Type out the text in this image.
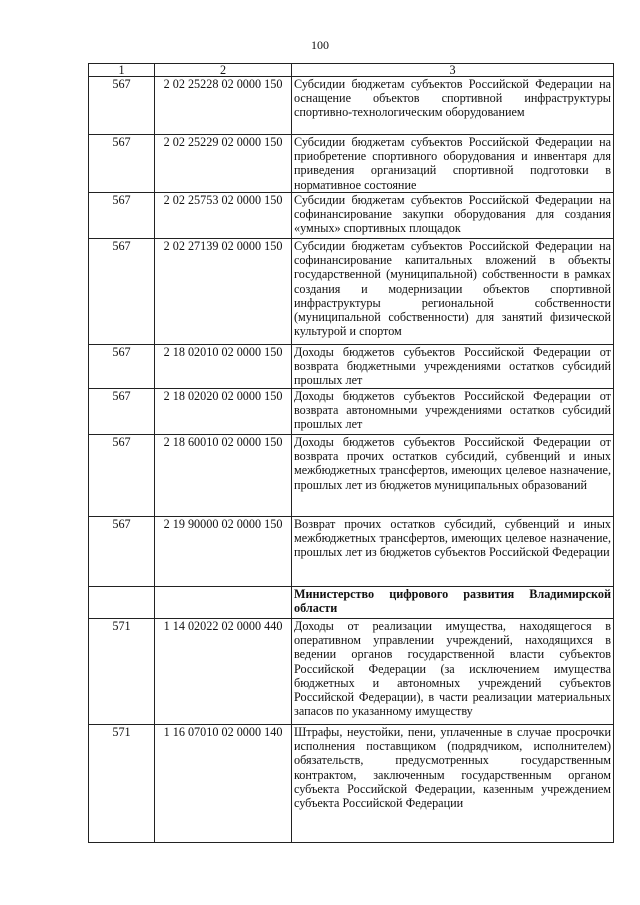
100
1	2	3
567	2 02 25228 02 0000 150	Субсидии бюджетам субъектов Российской Федерации на оснащение объектов спортивной инфраструктуры спортивно-технологическим оборудованием
567	2 02 25229 02 0000 150	Субсидии бюджетам субъектов Российской Федерации на приобретение спортивного оборудования и инвентаря для приведения организаций спортивной подготовки в нормативное состояние
567	2 02 25753 02 0000 150	Субсидии бюджетам субъектов Российской Федерации на софинансирование закупки оборудования для создания «умных» спортивных площадок
567	2 02 27139 02 0000 150	Субсидии бюджетам субъектов Российской Федерации на софинансирование капитальных вложений в объекты государственной (муниципальной) собственности в рамках создания и модернизации объектов спортивной инфраструктуры региональной собственности (муниципальной собственности) для занятий физической культурой и спортом
567	2 18 02010 02 0000 150	Доходы бюджетов субъектов Российской Федерации от возврата бюджетными учреждениями остатков субсидий прошлых лет
567	2 18 02020 02 0000 150	Доходы бюджетов субъектов Российской Федерации от возврата автономными учреждениями остатков субсидий прошлых лет
567	2 18 60010 02 0000 150	Доходы бюджетов субъектов Российской Федерации от возврата прочих остатков субсидий, субвенций и иных межбюджетных трансфертов, имеющих целевое назначение, прошлых лет из бюджетов муниципальных образований
567	2 19 90000 02 0000 150	Возврат прочих остатков субсидий, субвенций и иных межбюджетных трансфертов, имеющих целевое назначение, прошлых лет из бюджетов субъектов Российской Федерации
		Министерство цифрового развития Владимирской области
571	1 14 02022 02 0000 440	Доходы от реализации имущества, находящегося в оперативном управлении учреждений, находящихся в ведении органов государственной власти субъектов Российской Федерации (за исключением имущества бюджетных и автономных учреждений субъектов Российской Федерации), в части реализации материальных запасов по указанному имуществу
571	1 16 07010 02 0000 140	Штрафы, неустойки, пени, уплаченные в случае просрочки исполнения поставщиком (подрядчиком, исполнителем) обязательств, предусмотренных государственным контрактом, заключенным государственным органом субъекта Российской Федерации, казенным учреждением субъекта Российской Федерации
